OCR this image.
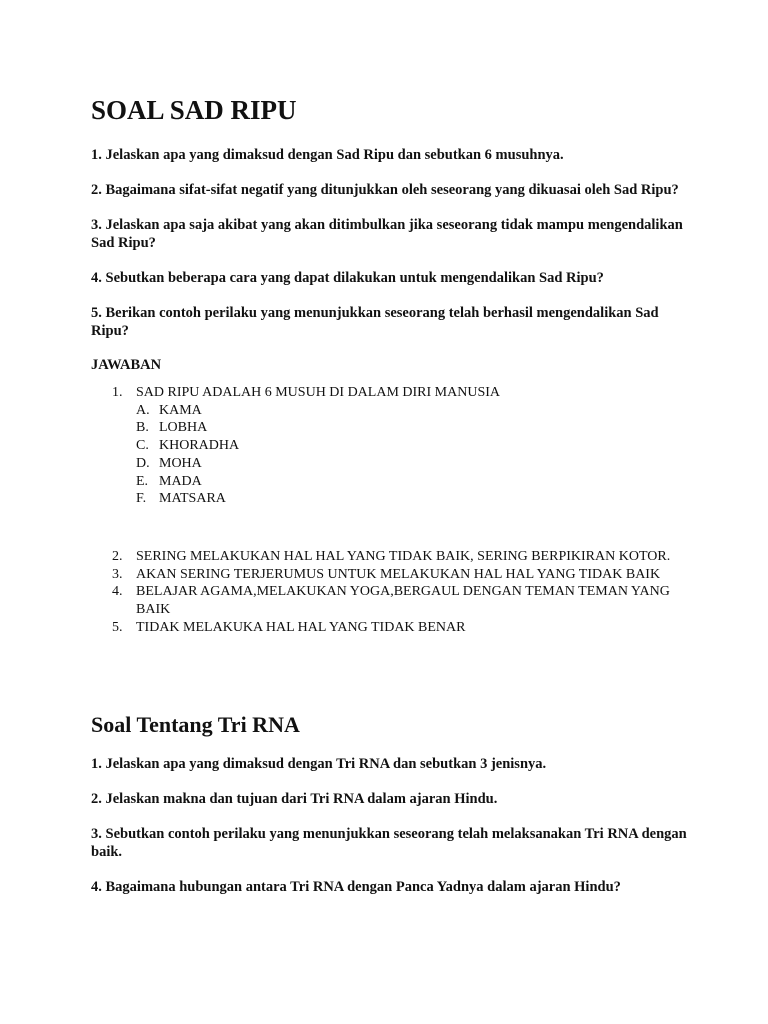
SOAL SAD RIPU

1. Jelaskan apa yang dimaksud dengan Sad Ripu dan sebutkan 6 musuhnya.

2. Bagaimana sifat-sifat negatif yang ditunjukkan oleh seseorang yang dikuasai oleh Sad Ripu?

3. Jelaskan apa saja akibat yang akan ditimbulkan jika seseorang tidak mampu mengendalikan Sad Ripu?

4. Sebutkan beberapa cara yang dapat dilakukan untuk mengendalikan Sad Ripu?

5. Berikan contoh perilaku yang menunjukkan seseorang telah berhasil mengendalikan Sad Ripu?

JAWABAN

1. SAD RIPU ADALAH 6 MUSUH DI DALAM DIRI MANUSIA
A. KAMA
B. LOBHA
C. KHORADHA
D. MOHA
E. MADA
F. MATSARA
2. SERING MELAKUKAN HAL HAL YANG TIDAK BAIK, SERING BERPIKIRAN KOTOR.
3. AKAN SERING TERJERUMUS UNTUK MELAKUKAN HAL HAL YANG TIDAK BAIK
4. BELAJAR AGAMA,MELAKUKAN YOGA,BERGAUL DENGAN TEMAN TEMAN YANG BAIK
5. TIDAK MELAKUKA HAL HAL YANG TIDAK BENAR
Soal Tentang Tri RNA

1. Jelaskan apa yang dimaksud dengan Tri RNA dan sebutkan 3 jenisnya.

2. Jelaskan makna dan tujuan dari Tri RNA dalam ajaran Hindu.

3. Sebutkan contoh perilaku yang menunjukkan seseorang telah melaksanakan Tri RNA dengan baik.

4. Bagaimana hubungan antara Tri RNA dengan Panca Yadnya dalam ajaran Hindu?
